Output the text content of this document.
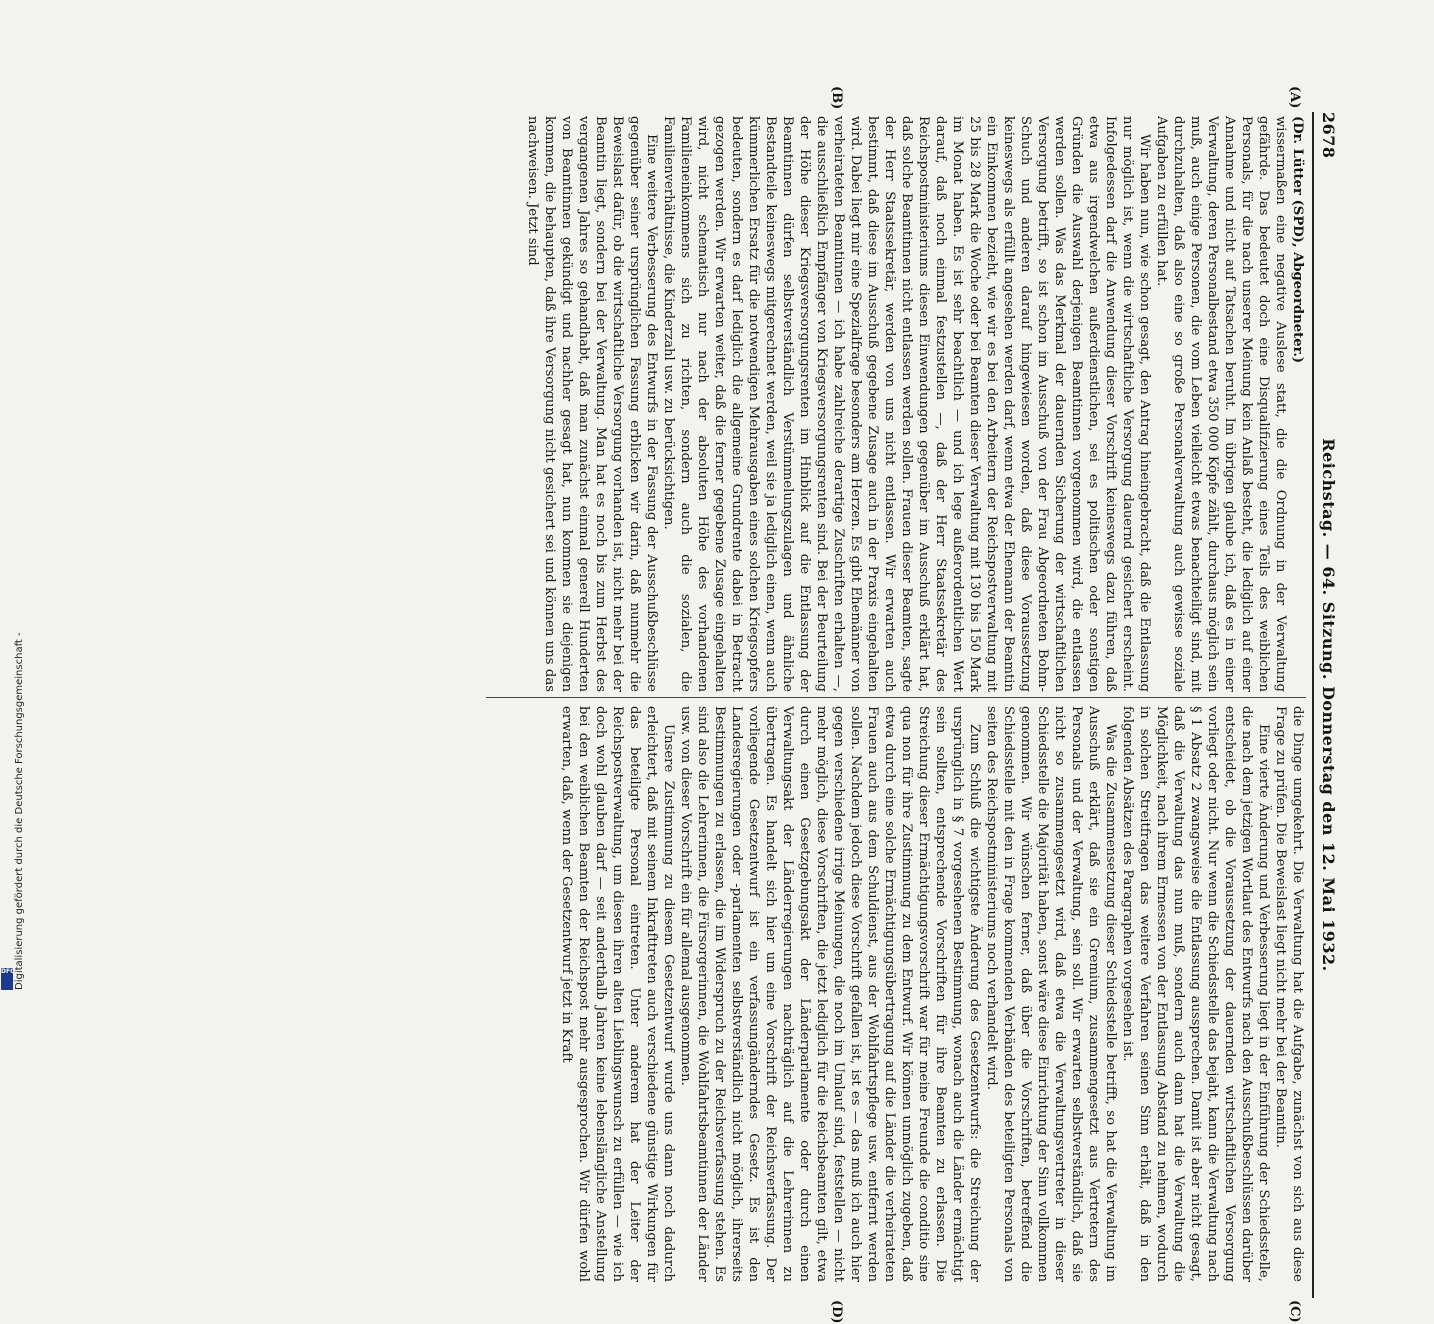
2678
Reichstag. — 64. Sitzung. Donnerstag den 12. Mai 1932.
(A)
(B)
(C)
(D)

(Dr. Lütter (SPD), Abgeordneter.)

wissermaßen eine negative Auslese statt, die die Ordnung in der Verwaltung gefährde. Das bedeutet doch eine Disqualifizierung eines Teils des weiblichen Personals, für die nach unserer Meinung kein Anlaß besteht, die lediglich auf einer Annahme und nicht auf Tatsachen beruht. Im übrigen glaube ich, daß es in einer Verwaltung, deren Personalbestand etwa 350 000 Köpfe zählt, durchaus möglich sein muß, auch einige Personen, die vom Leben vielleicht etwas benachteiligt sind, mit durchzuhalten, daß also eine so große Personalverwaltung auch gewisse soziale Aufgaben zu erfüllen hat.

Wir haben nun, wie schon gesagt, den Antrag hineingebracht, daß die Entlassung nur möglich ist, wenn die wirtschaftliche Versorgung dauernd gesichert erscheint. Infolgedessen darf die Anwendung dieser Vorschrift keineswegs dazu führen, daß etwa aus irgendwelchen außerdienstlichen, sei es politischen oder sonstigen Gründen die Auswahl derjenigen Beamtinnen vorgenommen wird, die entlassen werden sollen. Was das Merkmal der dauernden Sicherung der wirtschaftlichen Versorgung betrifft, so ist schon im Ausschuß von der Frau Abgeordneten Bohm-Schuch und anderen darauf hingewiesen worden, daß diese Voraussetzung keineswegs als erfüllt angesehen werden darf, wenn etwa der Ehemann der Beamtin ein Einkommen bezieht, wie wir es bei den Arbeitern der Reichspostverwaltung mit 25 bis 28 Mark die Woche oder bei Beamten dieser Verwaltung mit 130 bis 150 Mark im Monat haben. Es ist sehr beachtlich — und ich lege außerordentlichen Wert darauf, daß noch einmal festzustellen —, daß der Herr Staatssekretär des Reichspostministeriums diesen Einwendungen gegenüber im Ausschuß erklärt hat, daß solche Beamtinnen nicht entlassen werden sollen. Frauen dieser Beamten, sagte der Herr Staatssekretär, werden von uns nicht entlassen. Wir erwarten auch bestimmt, daß diese im Ausschuß gegebene Zusage auch in der Praxis eingehalten wird. Dabei liegt mir eine Spezialfrage besonders am Herzen. Es gibt Ehemänner von verheirateten Beamtinnen — ich habe zahlreiche derartige Zuschriften erhalten —, die ausschließlich Empfänger von Kriegsversorgungsrenten sind. Bei der Beurteilung der Höhe dieser Kriegsversorgungsrenten im Hinblick auf die Entlassung der Beamtinnen dürfen selbstverständlich Verstümmelungszulagen und ähnliche Bestandteile keineswegs mitgerechnet werden, weil sie ja lediglich einen, wenn auch kümmerlichen Ersatz für die notwendigen Mehrausgaben eines solchen Kriegsopfers bedeuten, sondern es darf lediglich die allgemeine Grundrente dabei in Betracht gezogen werden. Wir erwarten weiter, daß die ferner gegebene Zusage eingehalten wird, nicht schematisch nur nach der absoluten Höhe des vorhandenen Familieneinkommens sich zu richten, sondern auch die sozialen, die Familienverhältnisse, die Kinderzahl usw. zu berücksichtigen.

Eine weitere Verbesserung des Entwurfs in der Fassung der Ausschußbeschlüsse gegenüber seiner ursprünglichen Fassung erblicken wir darin, daß nunmehr die Beweislast dafür, ob die wirtschaftliche Versorgung vorhanden ist, nicht mehr bei der Beamtin liegt, sondern bei der Verwaltung. Man hat es noch bis zum Herbst des vergangenen Jahres so gehandhabt, daß man zunächst einmal generell Hunderten von Beamtinnen gekündigt und nachher gesagt hat, nun kommen sie diejenigen kommen, die behaupten, daß ihre Versorgung nicht gesichert sei und können uns das nachweisen. Jetzt sind

die Dinge umgekehrt. Die Verwaltung hat die Aufgabe, zunächst von sich aus diese Frage zu prüfen. Die Beweislast liegt nicht mehr bei der Beamtin.

Eine vierte Änderung und Verbesserung liegt in der Einführung der Schiedsstelle, die nach dem jetzigen Wortlaut des Entwurfs nach den Ausschußbeschlüssen darüber entscheidet, ob die Voraussetzung der dauernden wirtschaftlichen Versorgung vorliegt oder nicht. Nur wenn die Schiedsstelle das bejaht, kann die Verwaltung nach § 1 Absatz 2 zwangsweise die Entlassung aussprechen. Damit ist aber nicht gesagt, daß die Verwaltung das nun muß, sondern auch dann hat die Verwaltung die Möglichkeit, nach ihrem Ermessen von der Entlassung Abstand zu nehmen, wodurch in solchen Streitfragen das weitere Verfahren seinen Sinn erhält, daß in den folgenden Absätzen des Paragraphen vorgesehen ist.

Was die Zusammensetzung dieser Schiedsstelle betrifft, so hat die Verwaltung im Ausschuß erklärt, daß sie ein Gremium, zusammengesetzt aus Vertretern des Personals und der Verwaltung, sein soll. Wir erwarten selbstverständlich, daß sie nicht so zusammengesetzt wird, daß etwa die Verwaltungsvertreter in dieser Schiedsstelle die Majorität haben, sonst wäre diese Einrichtung der Sinn vollkommen genommen. Wir wünschen ferner, daß über die Vorschriften, betreffend die Schiedsstelle mit den in Frage kommenden Verbänden des beteiligten Personals von seiten des Reichspostministeriums noch verhandelt wird.

Zum Schluß die wichtigste Änderung des Gesetzentwurfs: die Streichung der ursprünglich in § 7 vorgesehenen Bestimmung, wonach auch die Länder ermächtigt sein sollten, entsprechende Vorschriften für ihre Beamten zu erlassen. Die Streichung dieser Ermächtigungsvorschrift war für meine Freunde die conditio sine qua non für ihre Zustimmung zu dem Entwurf. Wir können unmöglich zugeben, daß etwa durch eine solche Ermächtigungsübertragung auf die Länder die verheirateten Frauen auch aus dem Schuldienst, aus der Wohlfahrtspflege usw. entfernt werden sollen. Nachdem jedoch diese Vorschrift gefallen ist, ist es — das muß ich auch hier gegen verschiedene irrige Meinungen, die noch im Umlauf sind, feststellen — nicht mehr möglich, diese Vorschriften, die jetzt lediglich für die Reichsbeamten gilt, etwa durch einen Gesetzgebungsakt der Länderparlamente oder durch einen Verwaltungsakt der Länderregierungen nachträglich auf die Lehrerinnen zu übertragen. Es handelt sich hier um eine Vorschrift der Reichsverfassung. Der vorliegende Gesetzentwurf ist ein verfassungänderndes Gesetz. Es ist den Landesregierungen oder -parlamenten selbstverständlich nicht möglich, ihrerseits Bestimmungen zu erlassen, die im Widerspruch zu der Reichsverfassung stehen. Es sind also die Lehrerinnen, die Fürsorgerinnen, die Wohlfahrtsbeamtinnen der Länder usw. von dieser Vorschrift ein für allemal ausgenommen.

Unsere Zustimmung zu diesem Gesetzentwurf wurde uns dann noch dadurch erleichtert, daß mit seinem Inkrafttreten auch verschiedene günstige Wirkungen für das beteiligte Personal eintreten. Unter anderem hat der Leiter der Reichspostverwaltung, um diesen ihren alten Lieblingswunsch zu erfüllen — wie ich doch wohl glauben darf — seit anderthalb Jahren keine lebenslängliche Anstellung bei den weiblichen Beamten der Reichspost mehr ausgesprochen. Wir dürfen wohl erwarten, daß, wenn der Gesetzentwurf jetzt in Kraft

Digitalisierung gefördert durch die Deutsche Forschungsgemeinschaft -
DFG
